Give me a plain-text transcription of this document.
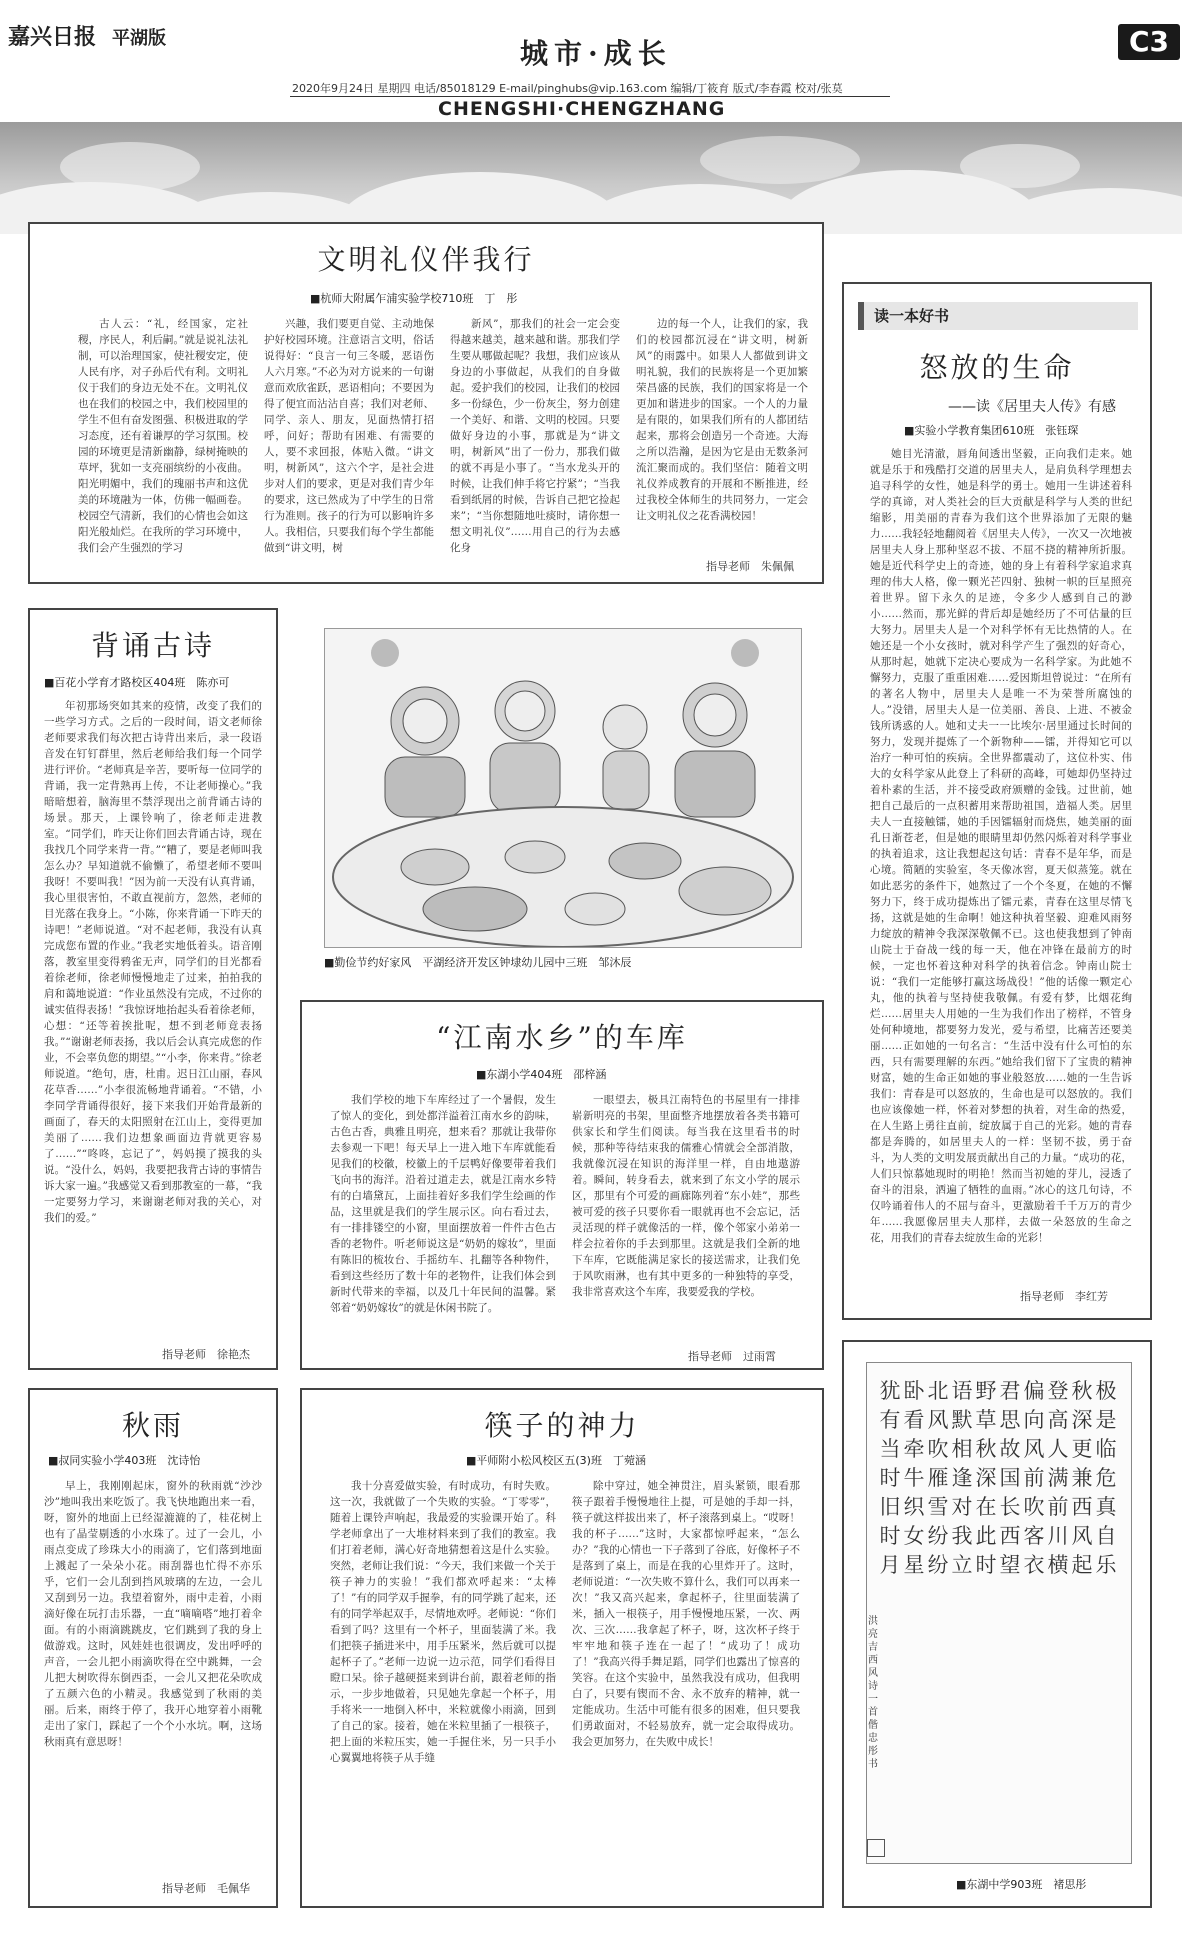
嘉兴日报 平湖版	城市·成长
2020年9月24日 星期四 电话/85018129 E-mail/pinghubs@vip.163.com 编辑/丁筱育 版式/李春霞 校对/张莫
CHENGSHI·CHENGZHANG
C3
文明礼仪伴我行
■杭师大附属乍浦实验学校710班　丁　彤

古人云：“礼，经国家，定社稷，序民人，利后嗣。”就是说礼法礼制，可以治理国家，使社稷安定，使人民有序，对子孙后代有利。文明礼仪于我们的身边无处不在。文明礼仪也在我们的校园之中，我们校园里的学生不但有奋发图强、积极进取的学习态度，还有着谦厚的学习氛围。校园的环境更是清新幽静，绿树掩映的草坪，犹如一支亮丽缤纷的小夜曲。阳光明媚中，我们的瑰丽书声和这优美的环境融为一体，仿佛一幅画卷。校园空气清新，我们的心情也会如这阳光般灿烂。在我所的学习环境中，我们会产生强烈的学习

兴趣，我们要更自觉、主动地保护好校园环境。注意语言文明，俗话说得好：“良言一句三冬暖，恶语伤人六月寒。”不必为对方说来的一句谢意而欢欣雀跃，恶语相向；不要因为得了便宜而沾沾自喜；我们对老师、同学、亲人、朋友，见面热情打招呼，问好；帮助有困难、有需要的人，要不求回报，体贴入微。“讲文明，树新风”，这六个字，是社会进步对人们的要求，更是对我们青少年的要求，这已然成为了中学生的日常行为准则。孩子的行为可以影响许多人。我相信，只要我们每个学生都能做到“讲文明，树

新风”，那我们的社会一定会变得越来越美，越来越和谐。那我们学生要从哪做起呢？我想，我们应该从身边的小事做起，从我们的自身做起。爱护我们的校园，让我们的校园多一份绿色，少一份灰尘，努力创建一个美好、和谐、文明的校园。只要做好身边的小事，那就是为“讲文明，树新风”出了一份力，那我们做的就不再是小事了。“当水龙头开的时候，让我们伸手将它拧紧”；“当我看到纸屑的时候，告诉自己把它捡起来”；“当你想随地吐痰时，请你想一想文明礼仪”……用自己的行为去感化身

边的每一个人，让我们的家，我们的校园都沉浸在“讲文明，树新风”的雨露中。如果人人都做到讲文明礼貌，我们的民族将是一个更加繁荣昌盛的民族，我们的国家将是一个更加和谐进步的国家。一个人的力量是有限的，如果我们所有的人都团结起来，那将会创造另一个奇迹。大海之所以浩瀚，是因为它是由无数条河流汇聚而成的。我们坚信：随着文明礼仪养成教育的开展和不断推进，经过我校全体师生的共同努力，一定会让文明礼仪之花香满校园！

指导老师　朱佩佩
背诵古诗
■百花小学育才路校区404班　陈亦可

年初那场突如其来的疫情，改变了我们的一些学习方式。之后的一段时间，语文老师徐老师要求我们每次把古诗背出来后，录一段语音发在钉钉群里，然后老师给我们每一个同学进行评价。“老师真是辛苦，要听每一位同学的背诵，我一定背熟再上传，不让老师操心。”我暗暗想着，脑海里不禁浮现出之前背诵古诗的场景。那天，上课铃响了，徐老师走进教室。“同学们，昨天让你们回去背诵古诗，现在我找几个同学来背一背。”“糟了，要是老师叫我怎么办？早知道就不偷懒了，希望老师不要叫我呀！不要叫我！”因为前一天没有认真背诵，我心里很害怕，不敢直视前方，忽然，老师的目光落在我身上。“小陈，你来背诵一下昨天的诗吧！”老师说道。“对不起老师，我没有认真完成您布置的作业。”我老实地低着头。语音刚落，教室里变得鸦雀无声，同学们的目光都看着徐老师，徐老师慢慢地走了过来，拍拍我的肩和蔼地说道：“作业虽然没有完成，不过你的诚实值得表扬！”我惊讶地抬起头看着徐老师，心想：“还等着挨批呢，想不到老师竟表扬我。”“谢谢老师表扬，我以后会认真完成您的作业，不会辜负您的期望。”“小李，你来背。”徐老师说道。“绝句，唐，杜甫。迟日江山丽，春风花草香……”小李很流畅地背诵着。“不错，小李同学背诵得很好，接下来我们开始背最新的画面了，春天的太阳照射在江山上，变得更加美丽了……我们边想象画面边背就更容易了……”“咚咚，忘记了”，妈妈摸了摸我的头说。“没什么，妈妈，我要把我背古诗的事情告诉大家一遍。”我感觉又看到那教室的一幕，“我一定要努力学习，来谢谢老师对我的关心，对我们的爱。”

指导老师　徐艳杰
■勤俭节约好家风　平湖经济开发区钟埭幼儿园中三班　邹沐辰
“江南水乡”的车库
■东湖小学404班　邵梓涵

我们学校的地下车库经过了一个暑假，发生了惊人的变化，到处都洋溢着江南水乡的韵味，古色古香，典雅且明亮，想来看？那就让我带你去参观一下吧！每天早上一进入地下车库就能看见我们的校徽，校徽上的千层鸭好像要带着我们飞向书的海洋。沿着过道走去，就是江南水乡特有的白墙黛瓦，上面挂着好多我们学生绘画的作品，这里就是我们的学生展示区。向右看过去，有一排排镂空的小窗，里面摆放着一件件古色古香的老物件。听老师说这是“奶奶的嫁妆”，里面有陈旧的梳妆台、手摇纺车、扎翻等各种物件，看到这些经历了数十年的老物件，让我们体会到新时代带来的幸福，以及几十年民间的温馨。紧邻着“奶奶嫁妆”的就是休闲书院了。

一眼望去，极具江南特色的书屋里有一排排崭新明亮的书架，里面整齐地摆放着各类书籍可供家长和学生们阅读。每当我在这里看书的时候，那种等待结束我的儒雅心情就会全部消散，我就像沉浸在知识的海洋里一样，自由地遨游着。瞬间，转身看去，就来到了东文小学的展示区，那里有个可爱的画廊陈列着“东小娃”，那些被可爱的孩子只要你看一眼就再也不会忘记，活灵活现的样子就像活的一样，像个邻家小弟弟一样会拉着你的手去到那里。这就是我们全新的地下车库，它既能满足家长的接送需求，让我们免于风吹雨淋，也有其中更多的一种独特的享受，我非常喜欢这个车库，我要爱我的学校。

指导老师　过雨霄
读一本好书
怒放的生命
——读《居里夫人传》有感
■实验小学教育集团610班　张钰琛

她目光清澈，唇角间透出坚毅，正向我们走来。她就是乐于和残酷打交道的居里夫人，是肩负科学理想去追寻科学的女性，她是科学的勇士。她用一生讲述着科学的真谛，对人类社会的巨大贡献是科学与人类的世纪缩影，用美丽的青春为我们这个世界添加了无限的魅力……我轻轻地翻阅着《居里夫人传》，一次又一次地被居里夫人身上那种坚忍不拔、不屈不挠的精神所折服。她是近代科学史上的奇迹，她的身上有着科学家追求真理的伟大人格，像一颗光芒四射、独树一帜的巨星照亮着世界。留下永久的足迹，令多少人感到自己的渺小……然而，那光鲜的背后却是她经历了不可估量的巨大努力。居里夫人是一个对科学怀有无比热情的人。在她还是一个小女孩时，就对科学产生了强烈的好奇心，从那时起，她就下定决心要成为一名科学家。为此她不懈努力，克服了重重困难……爱因斯坦曾说过：“在所有的著名人物中，居里夫人是唯一不为荣誉所腐蚀的人。”没错，居里夫人是一位美丽、善良、上进、不被金钱所诱惑的人。她和丈夫一一比埃尔·居里通过长时间的努力，发现并提炼了一个新物种——镭，并得知它可以治疗一种可怕的疾病。全世界都震动了，这位朴实、伟大的女科学家从此登上了科研的高峰，可她却仍坚持过着朴素的生活，并不接受政府颁赠的金钱。过世前，她把自己最后的一点积蓄用来帮助祖国，造福人类。居里夫人一直接触镭，她的手因镭辐射而烧焦，她美丽的面孔日渐苍老，但是她的眼睛里却仍然闪烁着对科学事业的执着追求，这让我想起这句话：青春不是年华，而是心境。简陋的实验室，冬天像冰窖，夏天似蒸笼。就在如此恶劣的条件下，她熬过了一个个冬夏，在她的不懈努力下，终于成功提炼出了镭元素，青春在这里尽情飞扬，这就是她的生命啊！她这种执着坚毅、迎难风雨努力绽放的精神令我深深敬佩不已。这也使我想到了钟南山院士于奋战一线的每一天，他在冲锋在最前方的时候，一定也怀着这种对科学的执着信念。钟南山院士说：“我们一定能够打赢这场战役！”他的话像一颗定心丸，他的执着与坚持使我敬佩。有爱有梦，比烟花绚烂……居里夫人用她的一生为我们作出了榜样，不管身处何种境地，都要努力发光，爱与希望，比痛苦还要美丽……正如她的一句名言：“生活中没有什么可怕的东西，只有需要理解的东西。”她给我们留下了宝贵的精神财富，她的生命正如她的事业般怒放……她的一生告诉我们：青春是可以怒放的，生命也是可以怒放的。我们也应该像她一样，怀着对梦想的执着，对生命的热爱，在人生路上勇往直前，绽放属于自己的光彩。她的青春都是奔腾的，如居里夫人的一样：坚韧不拔，勇于奋斗，为人类的文明发展贡献出自己的力量。“成功的花，人们只惊慕她现时的明艳！然而当初她的芽儿，浸透了奋斗的泪泉，洒遍了牺牲的血雨。”冰心的这几句诗，不仅吟诵着伟人的不屈与奋斗，更激励着千千万万的青少年……我愿像居里夫人那样，去做一朵怒放的生命之花，用我们的青春去绽放生命的光彩！

指导老师　李红芳
秋雨
■叔同实验小学403班　沈诗怡

早上，我刚刚起床，窗外的秋雨就“沙沙沙”地叫我出来吃饭了。我飞快地跑出来一看，呀，窗外的地面上已经湿漉漉的了，桂花树上也有了晶莹剔透的小水珠了。过了一会儿，小雨点变成了珍珠大小的雨滴了，它们落到地面上溅起了一朵朵小花。雨刮器也忙得不亦乐乎，它们一会儿刮到挡风玻璃的左边，一会儿又刮到另一边。我望着窗外，雨中走着，小雨滴好像在玩打击乐器，一直“嘀嘀嗒”地打着伞面。有的小雨滴跳跳皮，它们跳到了我的身上做游戏。这时，风娃娃也很调皮，发出呼呼的声音，一会儿把小雨滴吹得在空中跳舞，一会儿把大树吹得东倒西歪，一会儿又把花朵吹成了五颜六色的小精灵。我感觉到了秋雨的美丽。后来，雨终于停了，我开心地穿着小雨靴走出了家门，踩起了一个个小水坑。啊，这场秋雨真有意思呀！

指导老师　毛佩华
筷子的神力
■平师附小松风校区五(3)班　丁菀涵

我十分喜爱做实验，有时成功，有时失败。这一次，我就做了一个失败的实验。“丁零零”，随着上课铃声响起，我最爱的实验课开始了。科学老师拿出了一大堆材料来到了我们的教室。我们打着老师，满心好奇地猜想着这是什么实验。突然，老师让我们说：“今天，我们来做一个关于筷子神力的实验！”我们都欢呼起来：“太棒了！”有的同学双手握拳，有的同学跳了起来，还有的同学举起双手，尽情地欢呼。老师说：“你们看到了吗？这里有一个杯子，里面装满了米。我们把筷子插进米中，用手压紧米，然后就可以提起杯子了。”老师一边说一边示范，同学们看得目瞪口呆。徐子越硬挺来到讲台前，跟着老师的指示，一步步地做着，只见她先拿起一个杯子，用手将米一一地倒入杯中，米粒就像小雨滴，回到了自己的家。接着，她在米粒里插了一根筷子，把上面的米粒压实，她一手握住米，另一只手小心翼翼地将筷子从手缝

除中穿过，她全神贯注，眉头紧锁，眼看那筷子跟着手慢慢地往上提，可是她的手却一抖，筷子就这样拔出来了，杯子滚落到桌上。“哎呀！我的杯子……”这时，大家都惊呼起来，“怎么办？”我的心情也一下子落到了谷底，好像杯子不是落到了桌上，而是在我的心里炸开了。这时，老师说道：“一次失败不算什么，我们可以再来一次！”我又高兴起来，拿起杯子，往里面装满了米，插入一根筷子，用手慢慢地压紧，一次、两次、三次……我拿起了杯子，呀，这次杯子终于牢牢地和筷子连在一起了！“成功了！成功了！”我高兴得手舞足蹈，同学们也露出了惊喜的笑容。在这个实验中，虽然我没有成功，但我明白了，只要有锲而不舍、永不放弃的精神，就一定能成功。生活中可能有很多的困难，但只要我们勇敢面对，不轻易放弃，就一定会取得成功。我会更加努力，在失败中成长！

极是临危真自乐
秋深更兼西风起
登高人满前川横
偏向风前吹客衣
君思故国长西望
野草秋深在此时
语默相逢对我立
北风吹雁雪纷纷
卧看牵牛织女星
犹有当时旧时月
洪亮吉西风诗一首 偕忠彤书
■东湖中学903班　褚思彤
